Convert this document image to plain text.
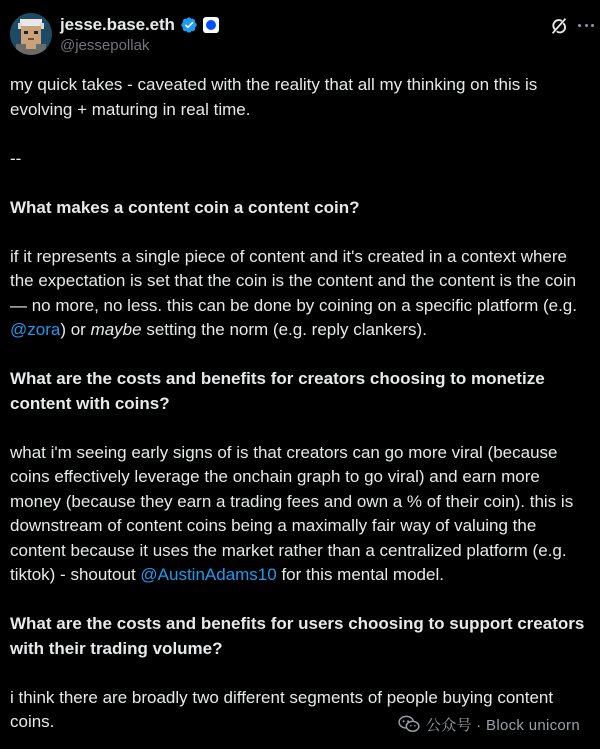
jesse.base.eth
@jessepollak

my quick takes - caveated with the reality that all my thinking on this is evolving + maturing in real time.

--

What makes a content coin a content coin?

if it represents a single piece of content and it's created in a context where the expectation is set that the coin is the content and the content is the coin — no more, no less. this can be done by coining on a specific platform (e.g. @zora) or maybe setting the norm (e.g. reply clankers).

What are the costs and benefits for creators choosing to monetize content with coins?

what i'm seeing early signs of is that creators can go more viral (because coins effectively leverage the onchain graph to go viral) and earn more money (because they earn a trading fees and own a % of their coin). this is downstream of content coins being a maximally fair way of valuing the content because it uses the market rather than a centralized platform (e.g. tiktok) - shoutout @AustinAdams10 for this mental model.

What are the costs and benefits for users choosing to support creators with their trading volume?

i think there are broadly two different segments of people buying content coins.	公众号 · Block unicorn
